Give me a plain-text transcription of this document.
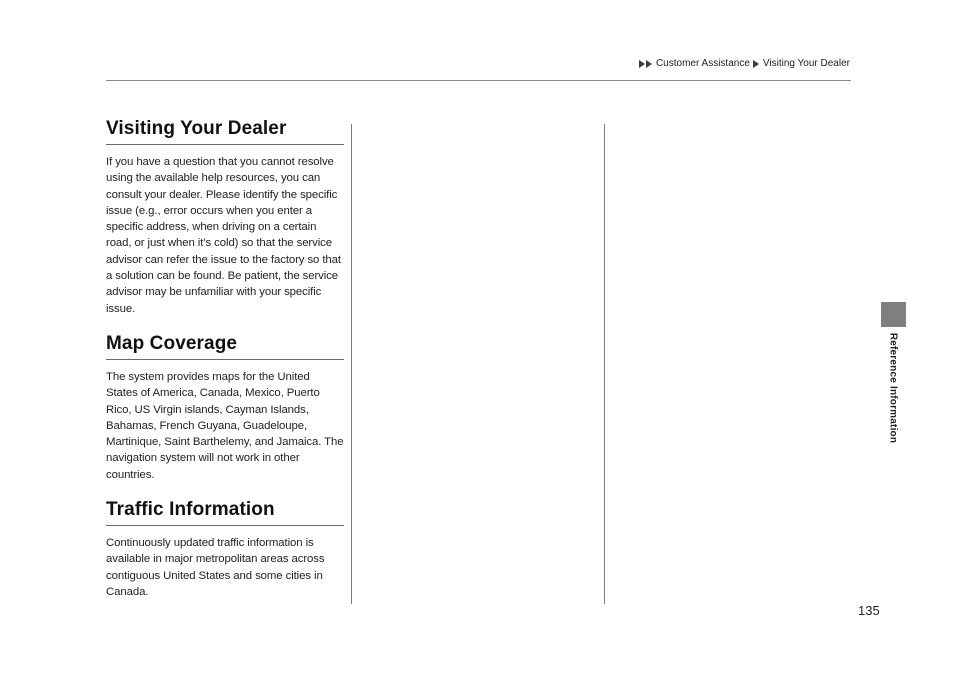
Customer Assistance Visiting Your Dealer
Visiting Your Dealer

If you have a question that you cannot resolve using the available help resources, you can consult your dealer. Please identify the specific issue (e.g., error occurs when you enter a specific address, when driving on a certain road, or just when it’s cold) so that the service advisor can refer the issue to the factory so that a solution can be found. Be patient, the service advisor may be unfamiliar with your specific issue.

Map Coverage

The system provides maps for the United States of America, Canada, Mexico, Puerto Rico, US Virgin islands, Cayman Islands, Bahamas, French Guyana, Guadeloupe, Martinique, Saint Barthelemy, and Jamaica. The navigation system will not work in other countries.

Traffic Information

Continuously updated traffic information is available in major metropolitan areas across contiguous United States and some cities in Canada.

Reference Information
135
